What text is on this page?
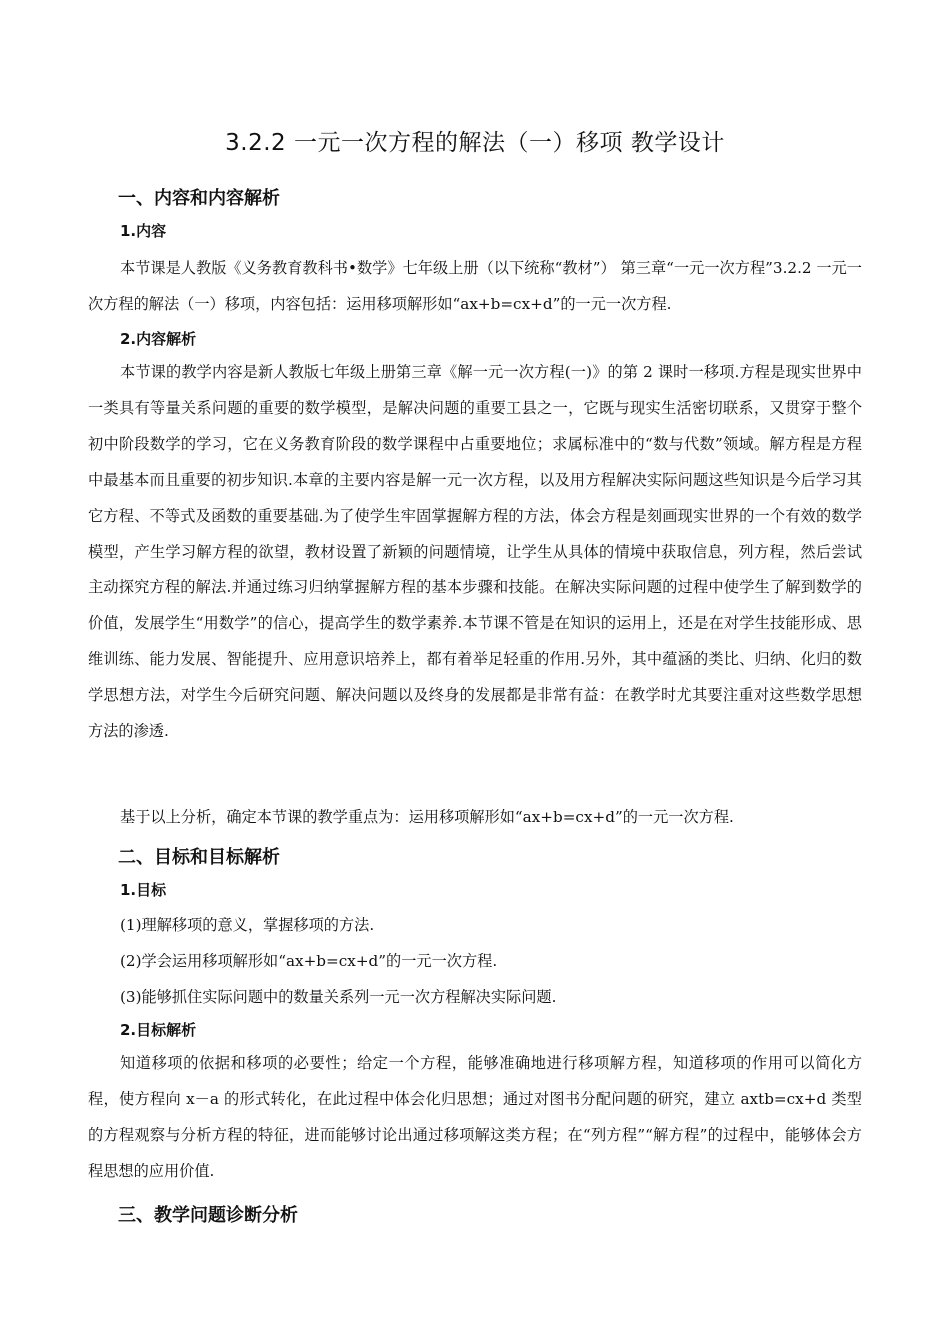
3.2.2 一元一次方程的解法（一）移项 教学设计
一、内容和内容解析
1.内容

本节课是人教版《义务教育教科书•数学》七年级上册（以下统称“教材”） 第三章“一元一次方程”3.2.2 一元一次方程的解法（一）移项，内容包括：运用移项解形如“ax+b=cx+d”的一元一次方程.

2.内容解析

本节课的教学内容是新人教版七年级上册第三章《解一元一次方程(一)》的第 2 课时一移项.方程是现实世界中一类具有等量关系问题的重要的数学模型，是解决问题的重要工县之一，它既与现实生活密切联系，又贯穿于整个初中阶段数学的学习，它在义务教育阶段的数学课程中占重要地位；求属标准中的“数与代数”领域。解方程是方程中最基本而且重要的初步知识.本章的主要内容是解一元一次方程，以及用方程解决实际问题这些知识是今后学习其它方程、不等式及函数的重要基础.为了使学生牢固掌握解方程的方法，体会方程是刻画现实世界的一个有效的数学模型，产生学习解方程的欲望，教材设置了新颖的问题情境，让学生从具体的情境中获取信息，列方程，然后尝试主动探究方程的解法.并通过练习归纳掌握解方程的基本步骤和技能。在解决实际问题的过程中使学生了解到数学的价值，发展学生“用数学”的信心，提高学生的数学素养.本节课不管是在知识的运用上，还是在对学生技能形成、思维训练、能力发展、智能提升、应用意识培养上，都有着举足轻重的作用.另外，其中蕴涵的类比、归纳、化归的数学思想方法，对学生今后研究问题、解决问题以及终身的发展都是非常有益：在教学时尤其要注重对这些数学思想方法的渗透.

基于以上分析，确定本节课的教学重点为：运用移项解形如“ax+b=cx+d”的一元一次方程.

二、目标和目标解析
1.目标
(1)理解移项的意义，掌握移项的方法.
(2)学会运用移项解形如“ax+b=cx+d”的一元一次方程.
(3)能够抓住实际问题中的数量关系列一元一次方程解决实际问题.
2.目标解析

知道移项的依据和移项的必要性；给定一个方程，能够准确地进行移项解方程，知道移项的作用可以简化方程，使方程向 x－a 的形式转化，在此过程中体会化归思想；通过对图书分配问题的研究，建立 axtb=cx+d 类型的方程观察与分析方程的特征，进而能够讨论出通过移项解这类方程；在“列方程”“解方程”的过程中，能够体会方程思想的应用价值.

三、教学问题诊断分析
